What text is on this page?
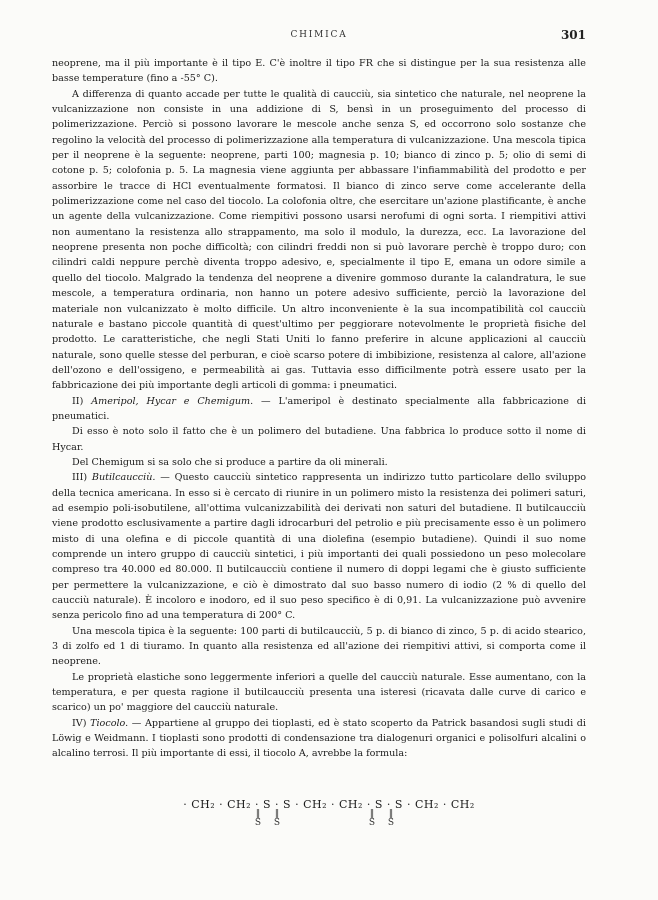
CHIMICA	301

neoprene, ma il più importante è il tipo E. C'è inoltre il tipo FR che si distingue per la sua resistenza alle basse temperature (fino a -55° C).

A differenza di quanto accade per tutte le qualità di caucciù, sia sintetico che naturale, nel neoprene la vulcanizzazione non consiste in una addizione di S, bensì in un proseguimento del processo di polimerizzazione. Perciò si possono lavorare le mescole anche senza S, ed occorrono solo sostanze che regolino la velocità del processo di polimerizzazione alla temperatura di vulcanizzazione. Una mescola tipica per il neoprene è la seguente: neoprene, parti 100; magnesia p. 10; bianco di zinco p. 5; olio di semi di cotone p. 5; colofonia p. 5. La magnesia viene aggiunta per abbassare l'infiammabilità del prodotto e per assorbire le tracce di HCl eventualmente formatosi. Il bianco di zinco serve come accelerante della polimerizzazione come nel caso del tiocolo. La colofonia oltre, che esercitare un'azione plastificante, è anche un agente della vulcanizzazione. Come riempitivi possono usarsi nerofumi di ogni sorta. I riempitivi attivi non aumentano la resistenza allo strappamento, ma solo il modulo, la durezza, ecc. La lavorazione del neoprene presenta non poche difficoltà; con cilindri freddi non si può lavorare perchè è troppo duro; con cilindri caldi neppure perchè diventa troppo adesivo, e, specialmente il tipo E, emana un odore simile a quello del tiocolo. Malgrado la tendenza del neoprene a divenire gommoso durante la calandratura, le sue mescole, a temperatura ordinaria, non hanno un potere adesivo sufficiente, perciò la lavorazione del materiale non vulcanizzato è molto difficile. Un altro inconveniente è la sua incompatibilità col caucciù naturale e bastano piccole quantità di quest'ultimo per peggiorare notevolmente le proprietà fisiche del prodotto. Le caratteristiche, che negli Stati Uniti lo fanno preferire in alcune applicazioni al caucciù naturale, sono quelle stesse del perburan, e cioè scarso potere di imbibizione, resistenza al calore, all'azione dell'ozono e dell'ossigeno, e permeabilità ai gas. Tuttavia esso difficilmente potrà essere usato per la fabbricazione dei più importante degli articoli di gomma: i pneumatici.

II) Ameripol, Hycar e Chemigum. — L'ameripol è destinato specialmente alla fabbricazione di pneumatici.

Di esso è noto solo il fatto che è un polimero del butadiene. Una fabbrica lo produce sotto il nome di Hycar.

Del Chemigum si sa solo che si produce a partire da oli minerali.

III) Butilcaucciù. — Questo caucciù sintetico rappresenta un indirizzo tutto particolare dello sviluppo della tecnica americana. In esso si è cercato di riunire in un polimero misto la resistenza dei polimeri saturi, ad esempio poli-isobutilene, all'ottima vulcanizzabilità dei derivati non saturi del butadiene. Il butilcaucciù viene prodotto esclusivamente a partire dagli idrocarburi del petrolio e più precisamente esso è un polimero misto di una olefina e di piccole quantità di una diolefina (esempio butadiene). Quindi il suo nome comprende un intero gruppo di caucciù sintetici, i più importanti dei quali possiedono un peso molecolare compreso tra 40.000 ed 80.000. Il butilcaucciù contiene il numero di doppi legami che è giusto sufficiente per permettere la vulcanizzazione, e ciò è dimostrato dal suo basso numero di iodio (2 % di quello del caucciù naturale). È incoloro e inodoro, ed il suo peso specifico è di 0,91. La vulcanizzazione può avvenire senza pericolo fino ad una temperatura di 200° C.

Una mescola tipica è la seguente: 100 parti di butilcaucciù, 5 p. di bianco di zinco, 5 p. di acido stearico, 3 di zolfo ed 1 di tiuramo. In quanto alla resistenza ed all'azione dei riempitivi attivi, si comporta come il neoprene.

Le proprietà elastiche sono leggermente inferiori a quelle del caucciù naturale. Esse aumentano, con la temperatura, e per questa ragione il butilcaucciù presenta una isteresi (ricavata dalle curve di carico e scarico) un po' maggiore del caucciù naturale.

IV) Tiocolo. — Appartiene al gruppo dei tioplasti, ed è stato scoperto da Patrick basandosi sugli studi di Löwig e Weidmann. I tioplasti sono prodotti di condensazione tra dialogenuri organici e polisolfuri alcalini o alcalino terrosi. Il più importante di essi, il tiocolo A, avrebbe la formula:

· CH₂ · CH₂ · S · S · CH₂ · CH₂ · S · S · CH₂ · CH₂
‖
S
‖
S
‖
S
‖
S
